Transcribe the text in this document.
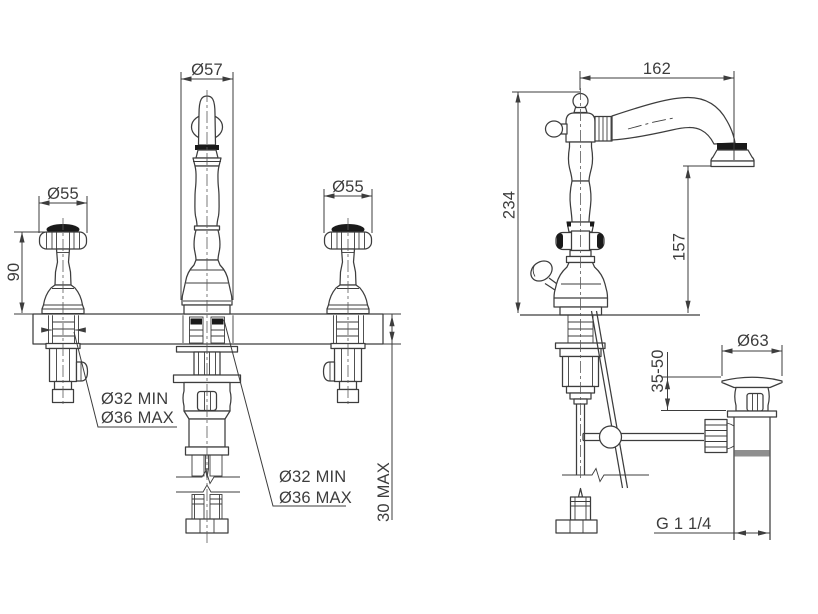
Ø57
Ø55	Ø55
90
Ø32 MIN
Ø36 MAX
Ø32 MIN
Ø36 MAX 30 MAX
162
234
157
Ø63
35-50
G 1 1/4
